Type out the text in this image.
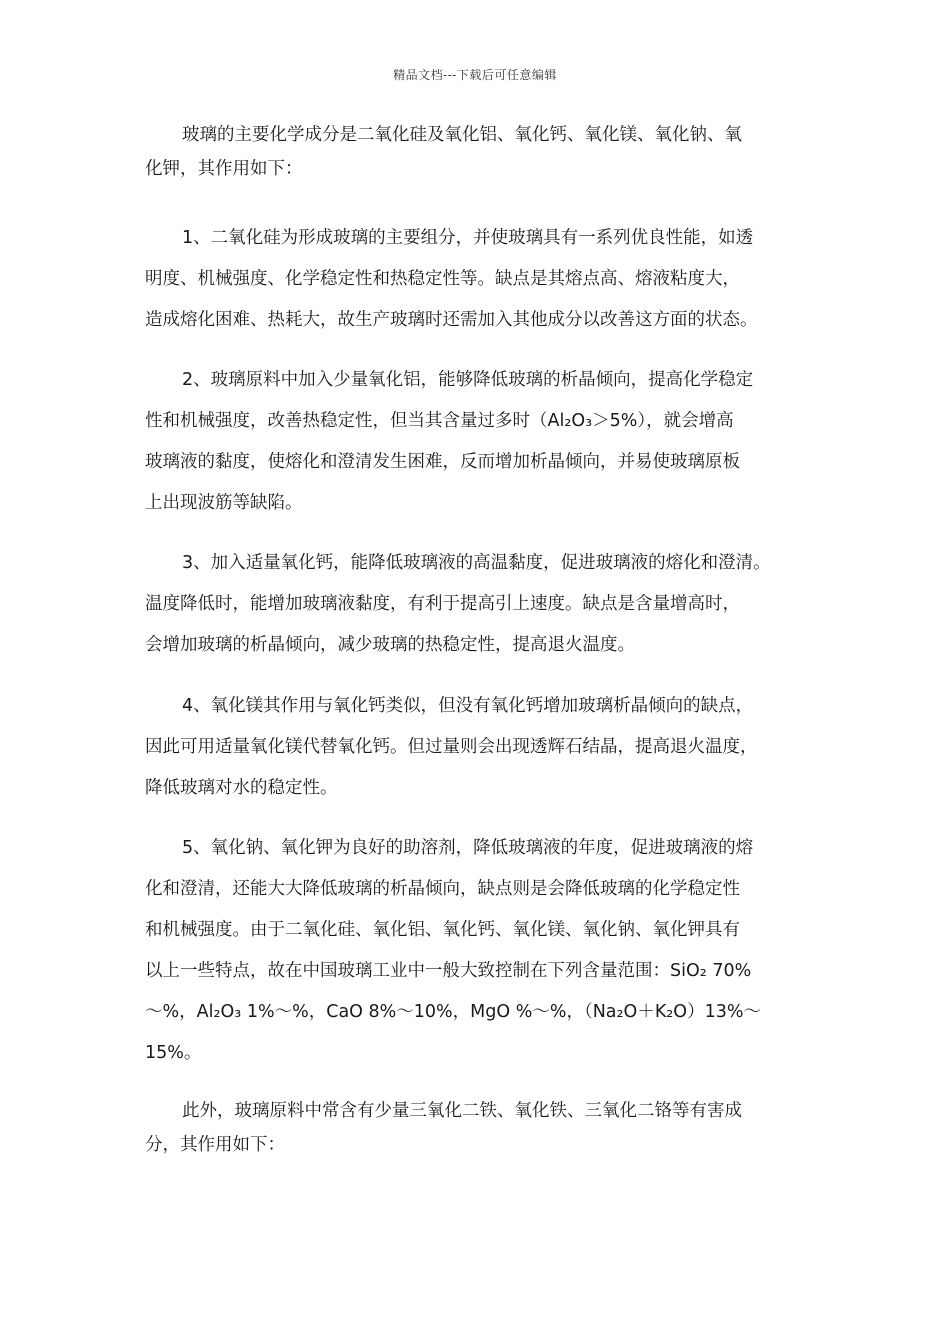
精品文档---下载后可任意编辑
玻璃的主要化学成分是二氧化硅及氧化铝、氧化钙、氧化镁、氧化钠、氧
化钾，其作用如下：
1、二氧化硅为形成玻璃的主要组分，并使玻璃具有一系列优良性能，如透
明度、机械强度、化学稳定性和热稳定性等。缺点是其熔点高、熔液粘度大，
造成熔化困难、热耗大，故生产玻璃时还需加入其他成分以改善这方面的状态。
2、玻璃原料中加入少量氧化铝，能够降低玻璃的析晶倾向，提高化学稳定
性和机械强度，改善热稳定性，但当其含量过多时（Al₂O₃＞5%），就会增高
玻璃液的黏度，使熔化和澄清发生困难，反而增加析晶倾向，并易使玻璃原板
上出现波筋等缺陷。
3、加入适量氧化钙，能降低玻璃液的高温黏度，促进玻璃液的熔化和澄清。
温度降低时，能增加玻璃液黏度，有利于提高引上速度。缺点是含量增高时，
会增加玻璃的析晶倾向，减少玻璃的热稳定性，提高退火温度。
4、氧化镁其作用与氧化钙类似，但没有氧化钙增加玻璃析晶倾向的缺点，
因此可用适量氧化镁代替氧化钙。但过量则会出现透辉石结晶，提高退火温度，
降低玻璃对水的稳定性。
5、氧化钠、氧化钾为良好的助溶剂，降低玻璃液的年度，促进玻璃液的熔
化和澄清，还能大大降低玻璃的析晶倾向，缺点则是会降低玻璃的化学稳定性
和机械强度。由于二氧化硅、氧化铝、氧化钙、氧化镁、氧化钠、氧化钾具有
以上一些特点，故在中国玻璃工业中一般大致控制在下列含量范围：SiO₂ 70%
～%，Al₂O₃ 1%～%，CaO 8%～10%，MgO %～%，（Na₂O＋K₂O）13%～
15%。
此外，玻璃原料中常含有少量三氧化二铁、氧化铁、三氧化二铬等有害成
分，其作用如下：
